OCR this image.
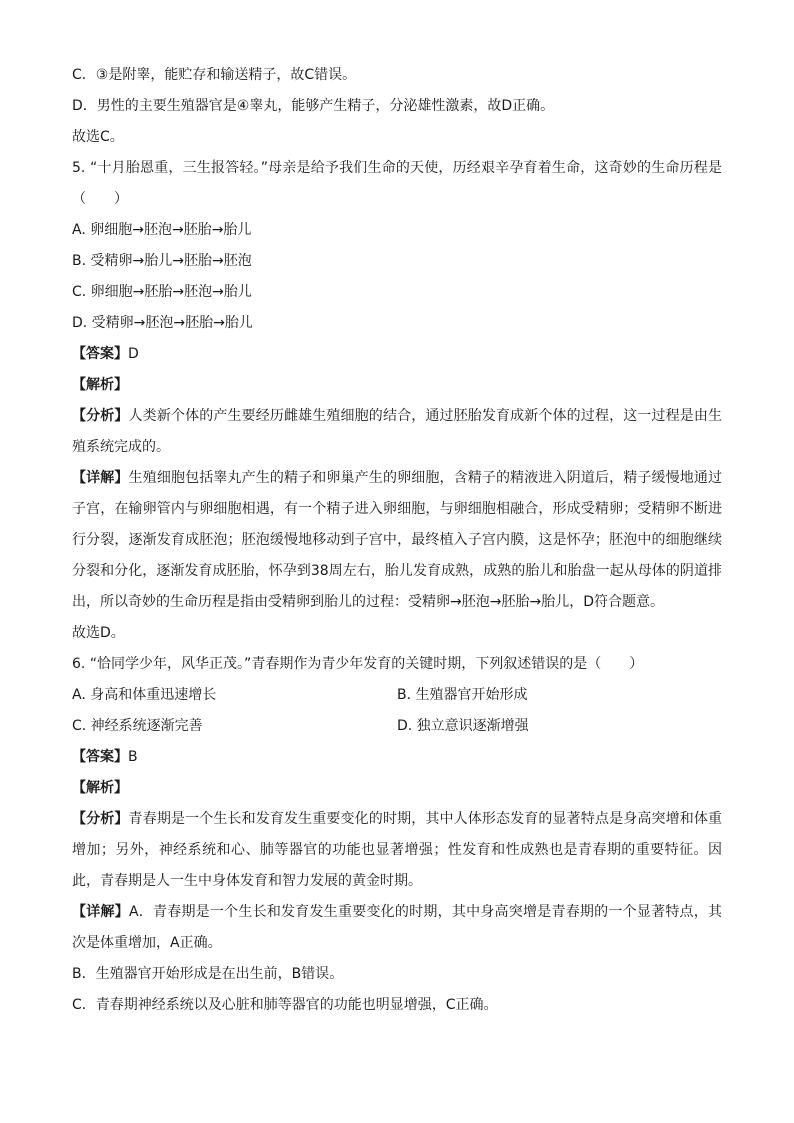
C．③是附睾，能贮存和输送精子，故C错误。
D．男性的主要生殖器官是④睾丸，能够产生精子，分泌雄性激素，故D正确。
故选C。
5. “十月胎恩重，三生报答轻。”母亲是给予我们生命的天使，历经艰辛孕育着生命，这奇妙的生命历程是（　　）
A. 卵细胞→胚泡→胚胎→胎儿
B. 受精卵→胎儿→胚胎→胚泡
C. 卵细胞→胚胎→胚泡→胎儿
D. 受精卵→胚泡→胚胎→胎儿
【答案】D
【解析】
【分析】人类新个体的产生要经历雌雄生殖细胞的结合，通过胚胎发育成新个体的过程，这一过程是由生殖系统完成的。
【详解】生殖细胞包括睾丸产生的精子和卵巢产生的卵细胞，含精子的精液进入阴道后，精子缓慢地通过子宫，在输卵管内与卵细胞相遇，有一个精子进入卵细胞，与卵细胞相融合，形成受精卵；受精卵不断进行分裂，逐渐发育成胚泡；胚泡缓慢地移动到子宫中，最终植入子宫内膜，这是怀孕；胚泡中的细胞继续分裂和分化，逐渐发育成胚胎，怀孕到38周左右，胎儿发育成熟，成熟的胎儿和胎盘一起从母体的阴道排出，所以奇妙的生命历程是指由受精卵到胎儿的过程：受精卵→胚泡→胚胎→胎儿，D符合题意。
故选D。
6. “恰同学少年，风华正茂。”青春期作为青少年发育的关键时期，下列叙述错误的是（　　）
A. 身高和体重迅速增长	B. 生殖器官开始形成
C. 神经系统逐渐完善	D. 独立意识逐渐增强
【答案】B
【解析】
【分析】青春期是一个生长和发育发生重要变化的时期，其中人体形态发育的显著特点是身高突增和体重增加；另外，神经系统和心、肺等器官的功能也显著增强；性发育和性成熟也是青春期的重要特征。因此，青春期是人一生中身体发育和智力发展的黄金时期。
【详解】A．青春期是一个生长和发育发生重要变化的时期，其中身高突增是青春期的一个显著特点，其次是体重增加，A正确。
B．生殖器官开始形成是在出生前，B错误。
C．青春期神经系统以及心脏和肺等器官的功能也明显增强，C正确。
